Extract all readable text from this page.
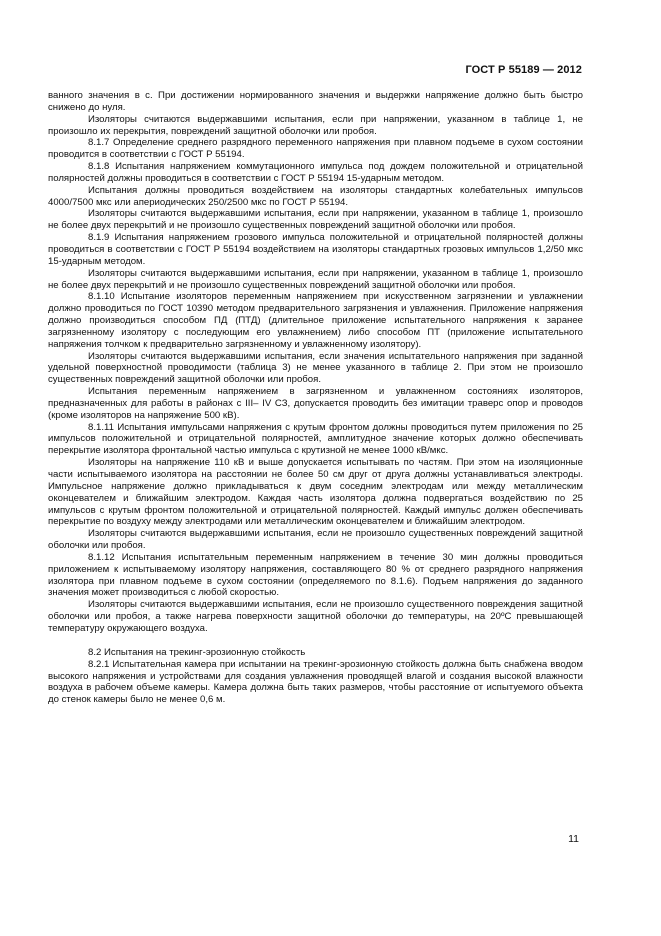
ГОСТ Р 55189 — 2012

ванного значения в с. При достижении нормированного значения и выдержки напряжение должно быть быстро снижено до нуля.

Изоляторы считаются выдержавшими испытания, если при напряжении, указанном в таблице 1, не произошло их перекрытия, повреждений защитной оболочки или пробоя.

8.1.7 Определение среднего разрядного переменного напряжения при плавном подъеме в сухом состоянии проводится в соответствии с ГОСТ Р 55194.

8.1.8 Испытания напряжением коммутационного импульса под дождем положительной и отрицательной полярностей должны проводиться в соответствии с ГОСТ Р 55194 15-ударным методом.

Испытания должны проводиться воздействием на изоляторы стандартных колебательных импульсов 4000/7500 мкс или апериодических 250/2500 мкс по ГОСТ Р 55194.

Изоляторы считаются выдержавшими испытания, если при напряжении, указанном в таблице 1, произошло не более двух перекрытий и не произошло существенных повреждений защитной оболочки или пробоя.

8.1.9 Испытания напряжением грозового импульса положительной и отрицательной полярностей должны проводиться в соответствии с ГОСТ Р 55194 воздействием на изоляторы стандартных грозовых импульсов 1,2/50 мкс 15-ударным методом.

Изоляторы считаются выдержавшими испытания, если при напряжении, указанном в таблице 1, произошло не более двух перекрытий и не произошло существенных повреждений защитной оболочки или пробоя.

8.1.10 Испытание изоляторов переменным напряжением при искусственном загрязнении и увлажнении должно проводиться по ГОСТ 10390 методом предварительного загрязнения и увлажнения. Приложение напряжения должно производиться способом ПД (ПТД) (длительное приложение испытательного напряжения к заранее загрязненному изолятору с последующим его увлажнением) либо способом ПТ (приложение испытательного напряжения толчком к предварительно загрязненному и увлажненному изолятору).

Изоляторы считаются выдержавшими испытания, если значения испытательного напряжения при заданной удельной поверхностной проводимости (таблица 3) не менее указанного в таблице 2. При этом не произошло существенных повреждений защитной оболочки или пробоя.

Испытания переменным напряжением в загрязненном и увлажненном состояниях изоляторов, предназначенных для работы в районах с III– IV СЗ, допускается проводить без имитации траверс опор и проводов (кроме изоляторов на напряжение 500 кВ).

8.1.11 Испытания импульсами напряжения с крутым фронтом должны проводиться путем приложения по 25 импульсов положительной и отрицательной полярностей, амплитудное значение которых должно обеспечивать перекрытие изолятора фронтальной частью импульса с крутизной не менее 1000 кВ/мкс.

Изоляторы на напряжение 110 кВ и выше допускается испытывать по частям. При этом на изоляционные части испытываемого изолятора на расстоянии не более 50 см друг от друга должны устанавливаться электроды. Импульсное напряжение должно прикладываться к двум соседним электродам или между металлическим оконцевателем и ближайшим электродом. Каждая часть изолятора должна подвергаться воздействию по 25 импульсов с крутым фронтом положительной и отрицательной полярностей. Каждый импульс должен обеспечивать перекрытие по воздуху между электродами или металлическим оконцевателем и ближайшим электродом.

Изоляторы считаются выдержавшими испытания, если не произошло существенных повреждений защитной оболочки или пробоя.

8.1.12 Испытания испытательным переменным напряжением в течение 30 мин должны проводиться приложением к испытываемому изолятору напряжения, составляющего 80 % от среднего разрядного напряжения изолятора при плавном подъеме в сухом состоянии (определяемого по 8.1.6). Подъем напряжения до заданного значения может производиться с любой скоростью.

Изоляторы считаются выдержавшими испытания, если не произошло существенного повреждения защитной оболочки или пробоя, а также нагрева поверхности защитной оболочки до температуры, на 20ºС превышающей температуру окружающего воздуха.

8.2 Испытания на трекинг-эрозионную стойкость

8.2.1 Испытательная камера при испытании на трекинг-эрозионную стойкость должна быть снабжена вводом высокого напряжения и устройствами для создания увлажнения проводящей влагой и создания высокой влажности воздуха в рабочем объеме камеры. Камера должна быть таких размеров, чтобы расстояние от испытуемого объекта до стенок камеры было не менее 0,6 м.

11
